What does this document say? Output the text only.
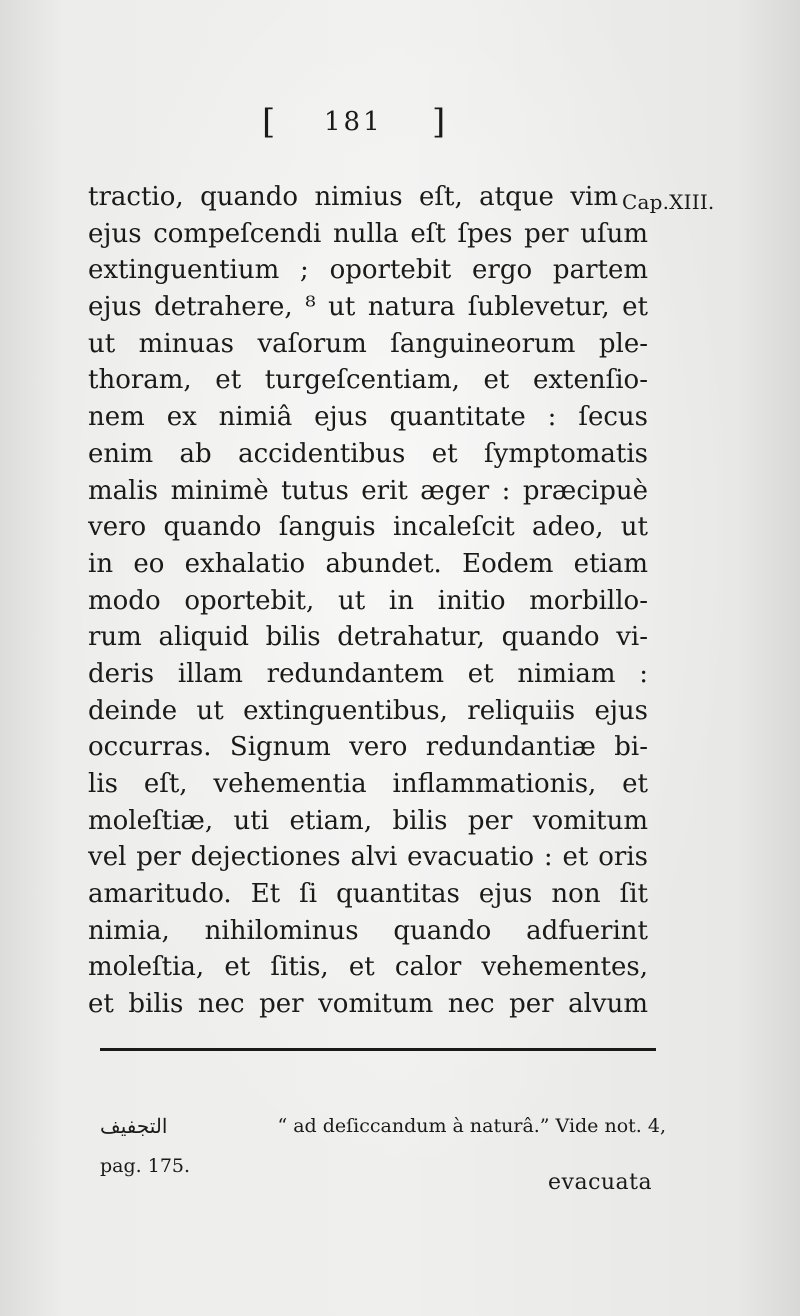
[ 181 ]
Cap.XIII.
tractio, quando nimius eſt, atque vim
ejus compeſcendi nulla eſt ſpes per uſum
extinguentium ; oportebit ergo partem
ejus detrahere, ⁸ ut natura ſublevetur, et
ut minuas vaſorum ſanguineorum ple-
thoram, et turgeſcentiam, et extenſio-
nem ex nimiâ ejus quantitate : ſecus
enim ab accidentibus et ſymptomatis
malis minimè tutus erit æger : præcipuè
vero quando ſanguis incaleſcit adeo, ut
in eo exhalatio abundet. Eodem etiam
modo oportebit, ut in initio morbillo-
rum aliquid bilis detrahatur, quando vi-
deris illam redundantem et nimiam :
deinde ut extinguentibus, reliquiis ejus
occurras. Signum vero redundantiæ bi-
lis eſt, vehementia inflammationis, et
moleſtiæ, uti etiam, bilis per vomitum
vel per dejectiones alvi evacuatio : et oris
amaritudo. Et ſi quantitas ejus non ſit
nimia, nihilominus quando adfuerint
moleſtia, et ſitis, et calor vehementes,
et bilis nec per vomitum nec per alvum
التجفيف	“ ad deſiccandum à naturâ.” Vide not. 4,
pag. 175.
evacuata
